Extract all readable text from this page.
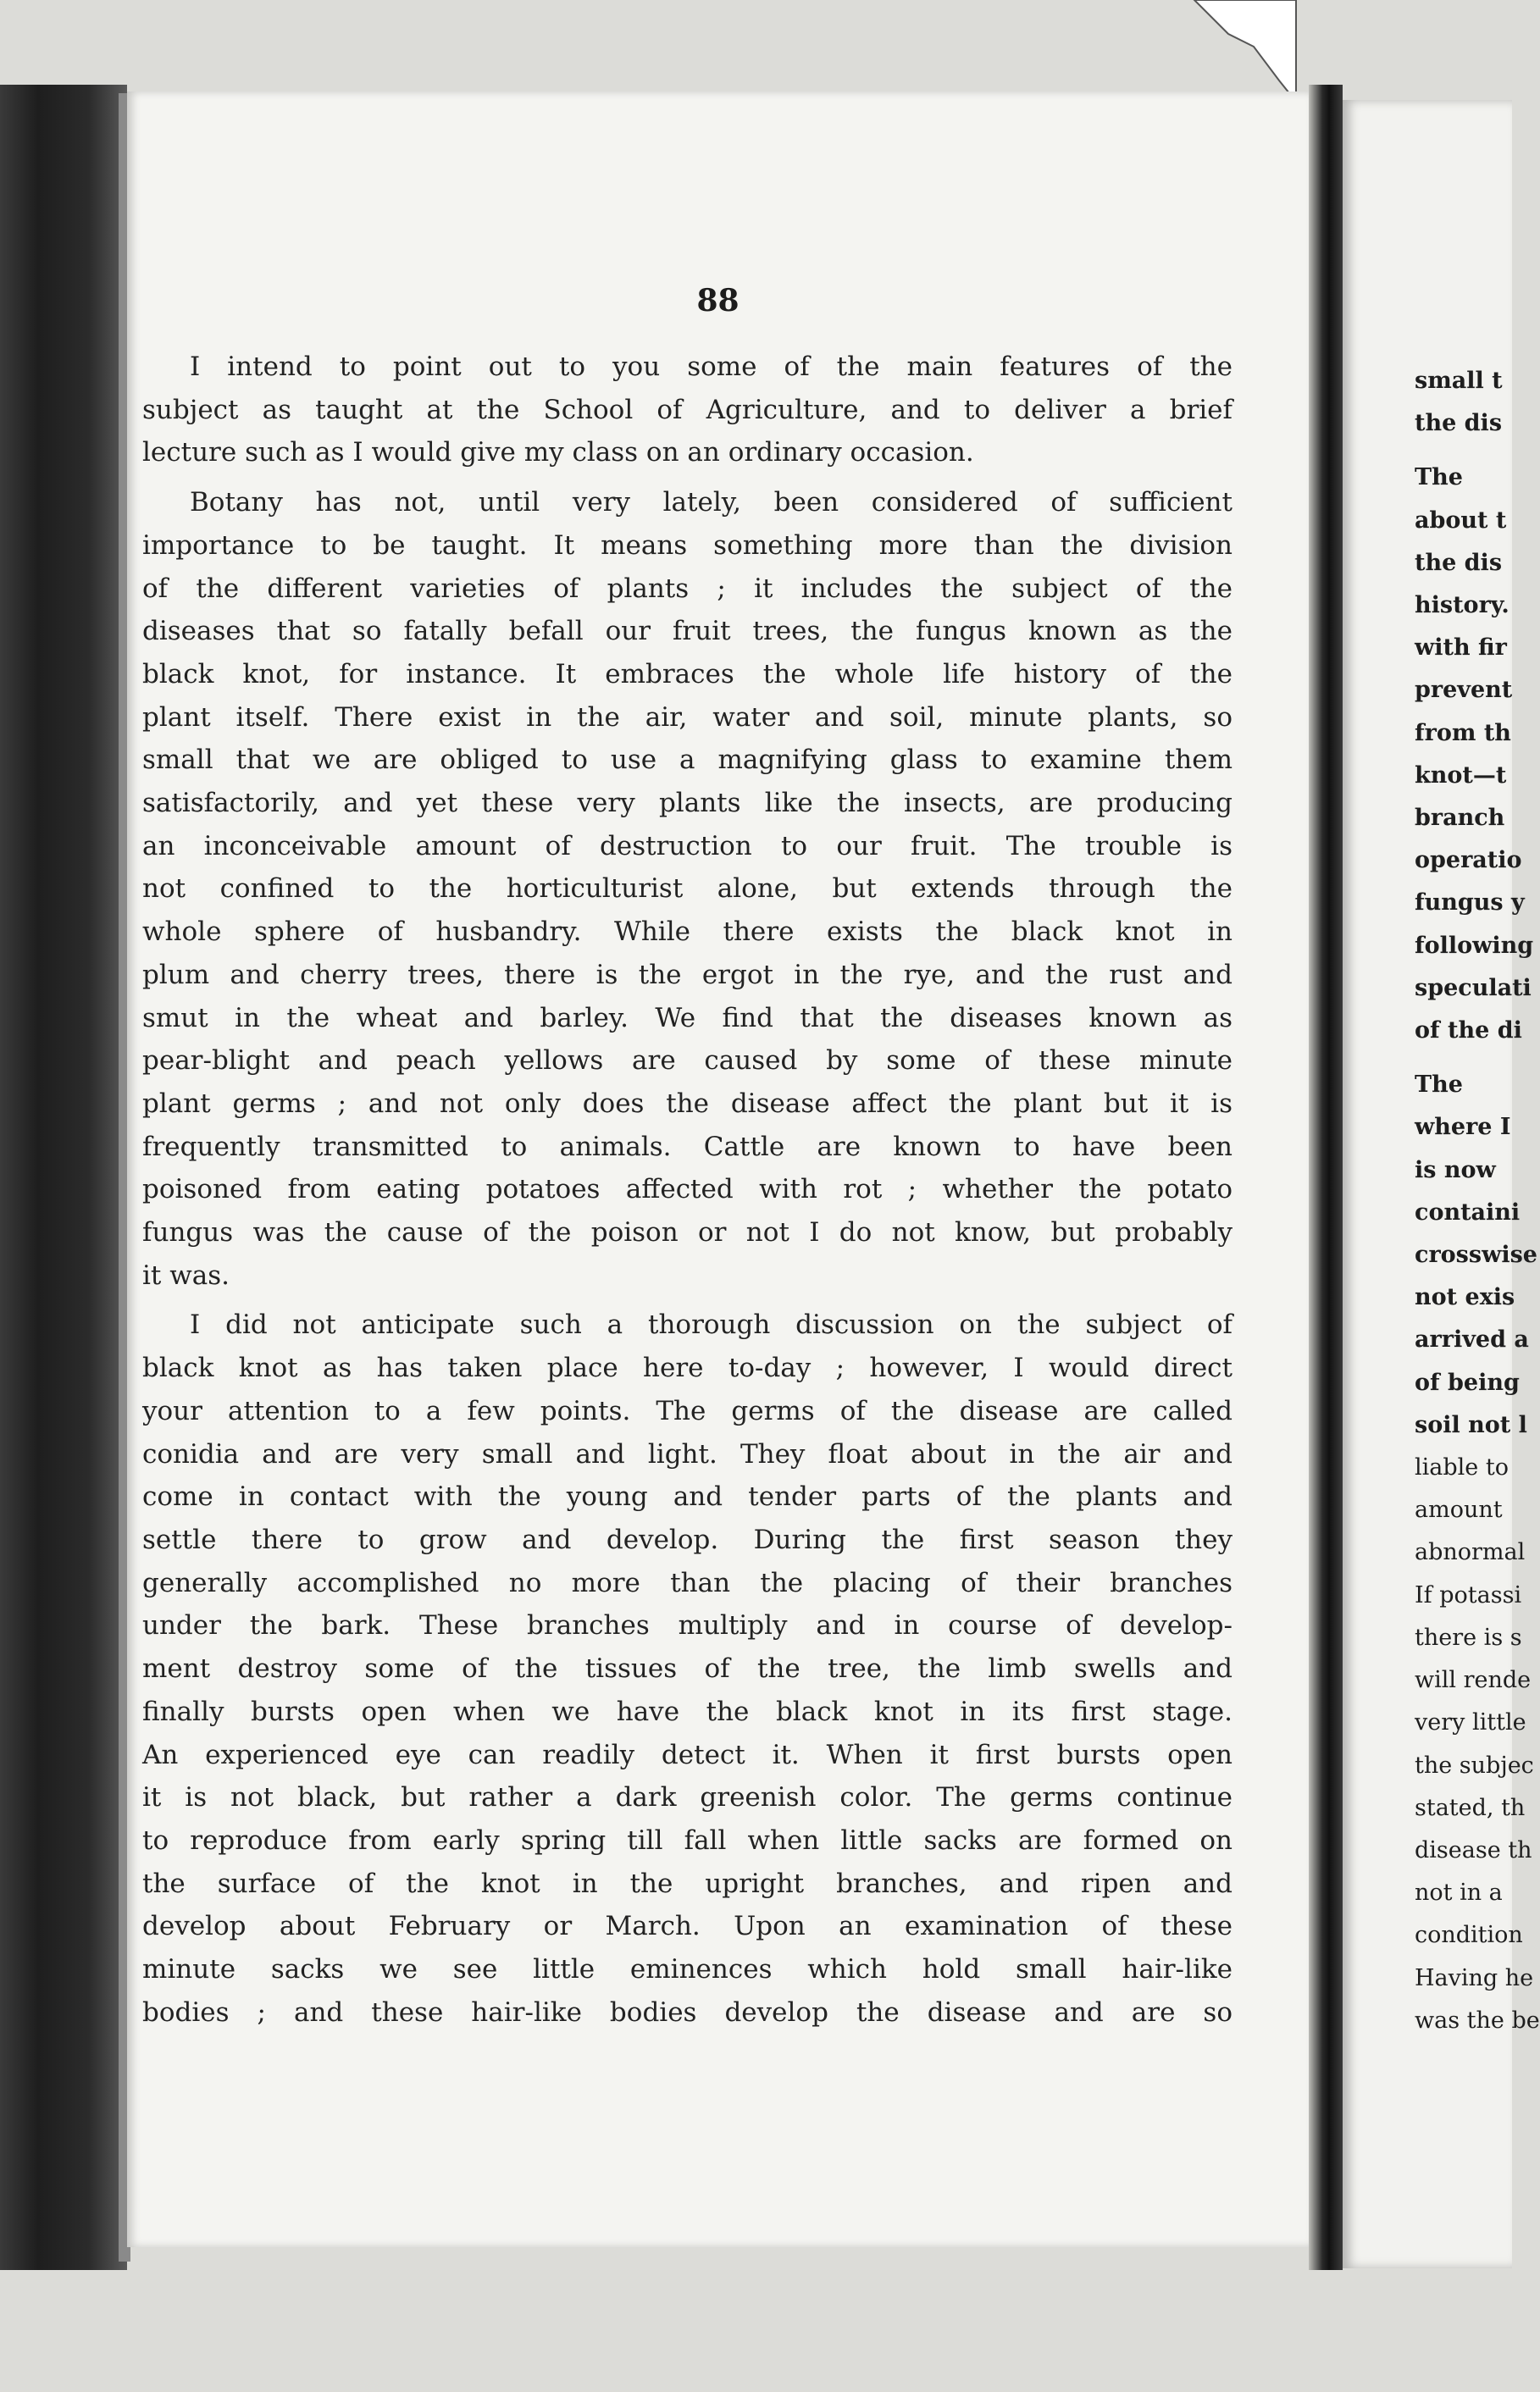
88
I intend to point out to you some of the main features of the
subject as taught at the School of Agriculture, and to deliver a brief
lecture such as I would give my class on an ordinary occasion.
Botany has not, until very lately, been considered of sufficient
importance to be taught. It means something more than the division
of the different varieties of plants ; it includes the subject of the
diseases that so fatally befall our fruit trees, the fungus known as the
black knot, for instance. It embraces the whole life history of the
plant itself. There exist in the air, water and soil, minute plants, so
small that we are obliged to use a magnifying glass to examine them
satisfactorily, and yet these very plants like the insects, are producing
an inconceivable amount of destruction to our fruit. The trouble is
not confined to the horticulturist alone, but extends through the
whole sphere of husbandry. While there exists the black knot in
plum and cherry trees, there is the ergot in the rye, and the rust and
smut in the wheat and barley. We find that the diseases known as
pear-blight and peach yellows are caused by some of these minute
plant germs ; and not only does the disease affect the plant but it is
frequently transmitted to animals. Cattle are known to have been
poisoned from eating potatoes affected with rot ; whether the potato
fungus was the cause of the poison or not I do not know, but probably
it was.
I did not anticipate such a thorough discussion on the subject of
black knot as has taken place here to-day ; however, I would direct
your attention to a few points. The germs of the disease are called
conidia and are very small and light. They float about in the air and
come in contact with the young and tender parts of the plants and
settle there to grow and develop. During the first season they
generally accomplished no more than the placing of their branches
under the bark. These branches multiply and in course of develop-
ment destroy some of the tissues of the tree, the limb swells and
finally bursts open when we have the black knot in its first stage.
An experienced eye can readily detect it. When it first bursts open
it is not black, but rather a dark greenish color. The germs continue
to reproduce from early spring till fall when little sacks are formed on
the surface of the knot in the upright branches, and ripen and
develop about February or March. Upon an examination of these
minute sacks we see little eminences which hold small hair-like
bodies ; and these hair-like bodies develop the disease and are so
small t
the dis
The
about t
the dis
history.
with fir
prevent
from th
knot—t
branch
operatio
fungus y
following
speculati
of the di
The
where I
is now
containi
crosswise
not exis
arrived a
of being
soil not l
liable to
amount
abnormal
If potassi
there is s
will rende
very little
the subjec
stated, th
disease th
not in a
condition
Having he
was the be
